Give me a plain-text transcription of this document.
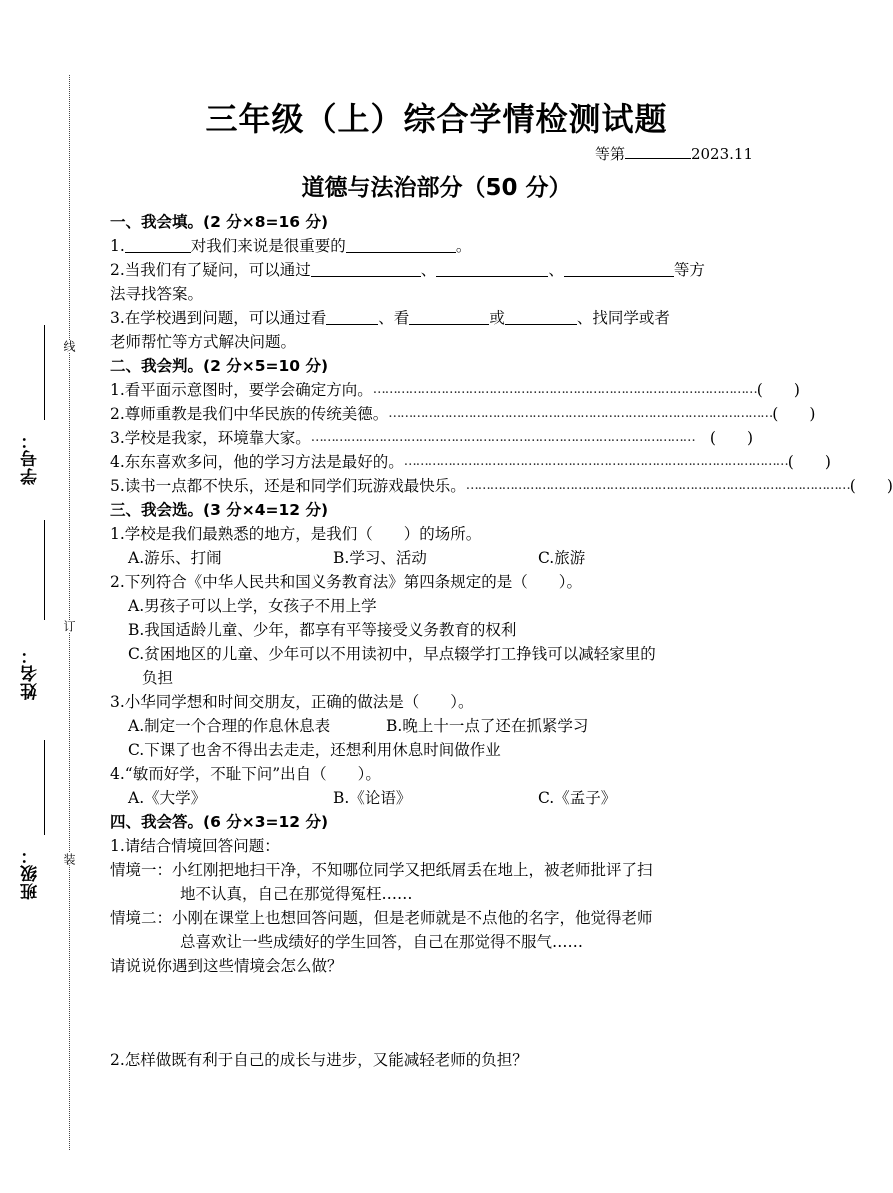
装
订
线
班级：
姓名：
学号：
三年级（上）综合学情检测试题
等第	2023.11
道德与法治部分（50 分）
一、我会填。(2 分×8=16 分)
1.	对我们来说是很重要的	。
2.当我们有了疑问，可以通过	、	、	等方
法寻找答案。
3.在学校遇到问题，可以通过看	、看	或	、找同学或者
老师帮忙等方式解决问题。
二、我会判。(2 分×5=10 分)
1.看平面示意图时，要学会确定方向。 …………………………………………………………………………………… (　　)
2.尊师重教是我们中华民族的传统美德。 …………………………………………………………………………………… (　　)
3.学校是我家，环境靠大家。 …………………………………………………………………………………… (　　)
4.东东喜欢多问，他的学习方法是最好的。 …………………………………………………………………………………… (　　)
5.读书一点都不快乐，还是和同学们玩游戏最快乐。 …………………………………………………………………………………… (　　)
三、我会选。(3 分×4=12 分)
1.学校是我们最熟悉的地方，是我们（　　）的场所。
A.游乐、打闹	B.学习、活动	C.旅游
2.下列符合《中华人民共和国义务教育法》第四条规定的是（　　）。
A.男孩子可以上学，女孩子不用上学
B.我国适龄儿童、少年，都享有平等接受义务教育的权利
C.贫困地区的儿童、少年可以不用读初中，早点辍学打工挣钱可以减轻家里的
负担
3.小华同学想和时间交朋友，正确的做法是（　　）。
A.制定一个合理的作息休息表	B.晚上十一点了还在抓紧学习
C.下课了也舍不得出去走走，还想利用休息时间做作业
4.“敏而好学，不耻下问”出自（　　）。
A.《大学》	B.《论语》	C.《孟子》
四、我会答。(6 分×3=12 分)
1.请结合情境回答问题：
情境一：小红刚把地扫干净，不知哪位同学又把纸屑丢在地上，被老师批评了扫
地不认真，自己在那觉得冤枉……
情境二：小刚在课堂上也想回答问题，但是老师就是不点他的名字，他觉得老师
总喜欢让一些成绩好的学生回答，自己在那觉得不服气……
请说说你遇到这些情境会怎么做？
2.怎样做既有利于自己的成长与进步，又能减轻老师的负担？
